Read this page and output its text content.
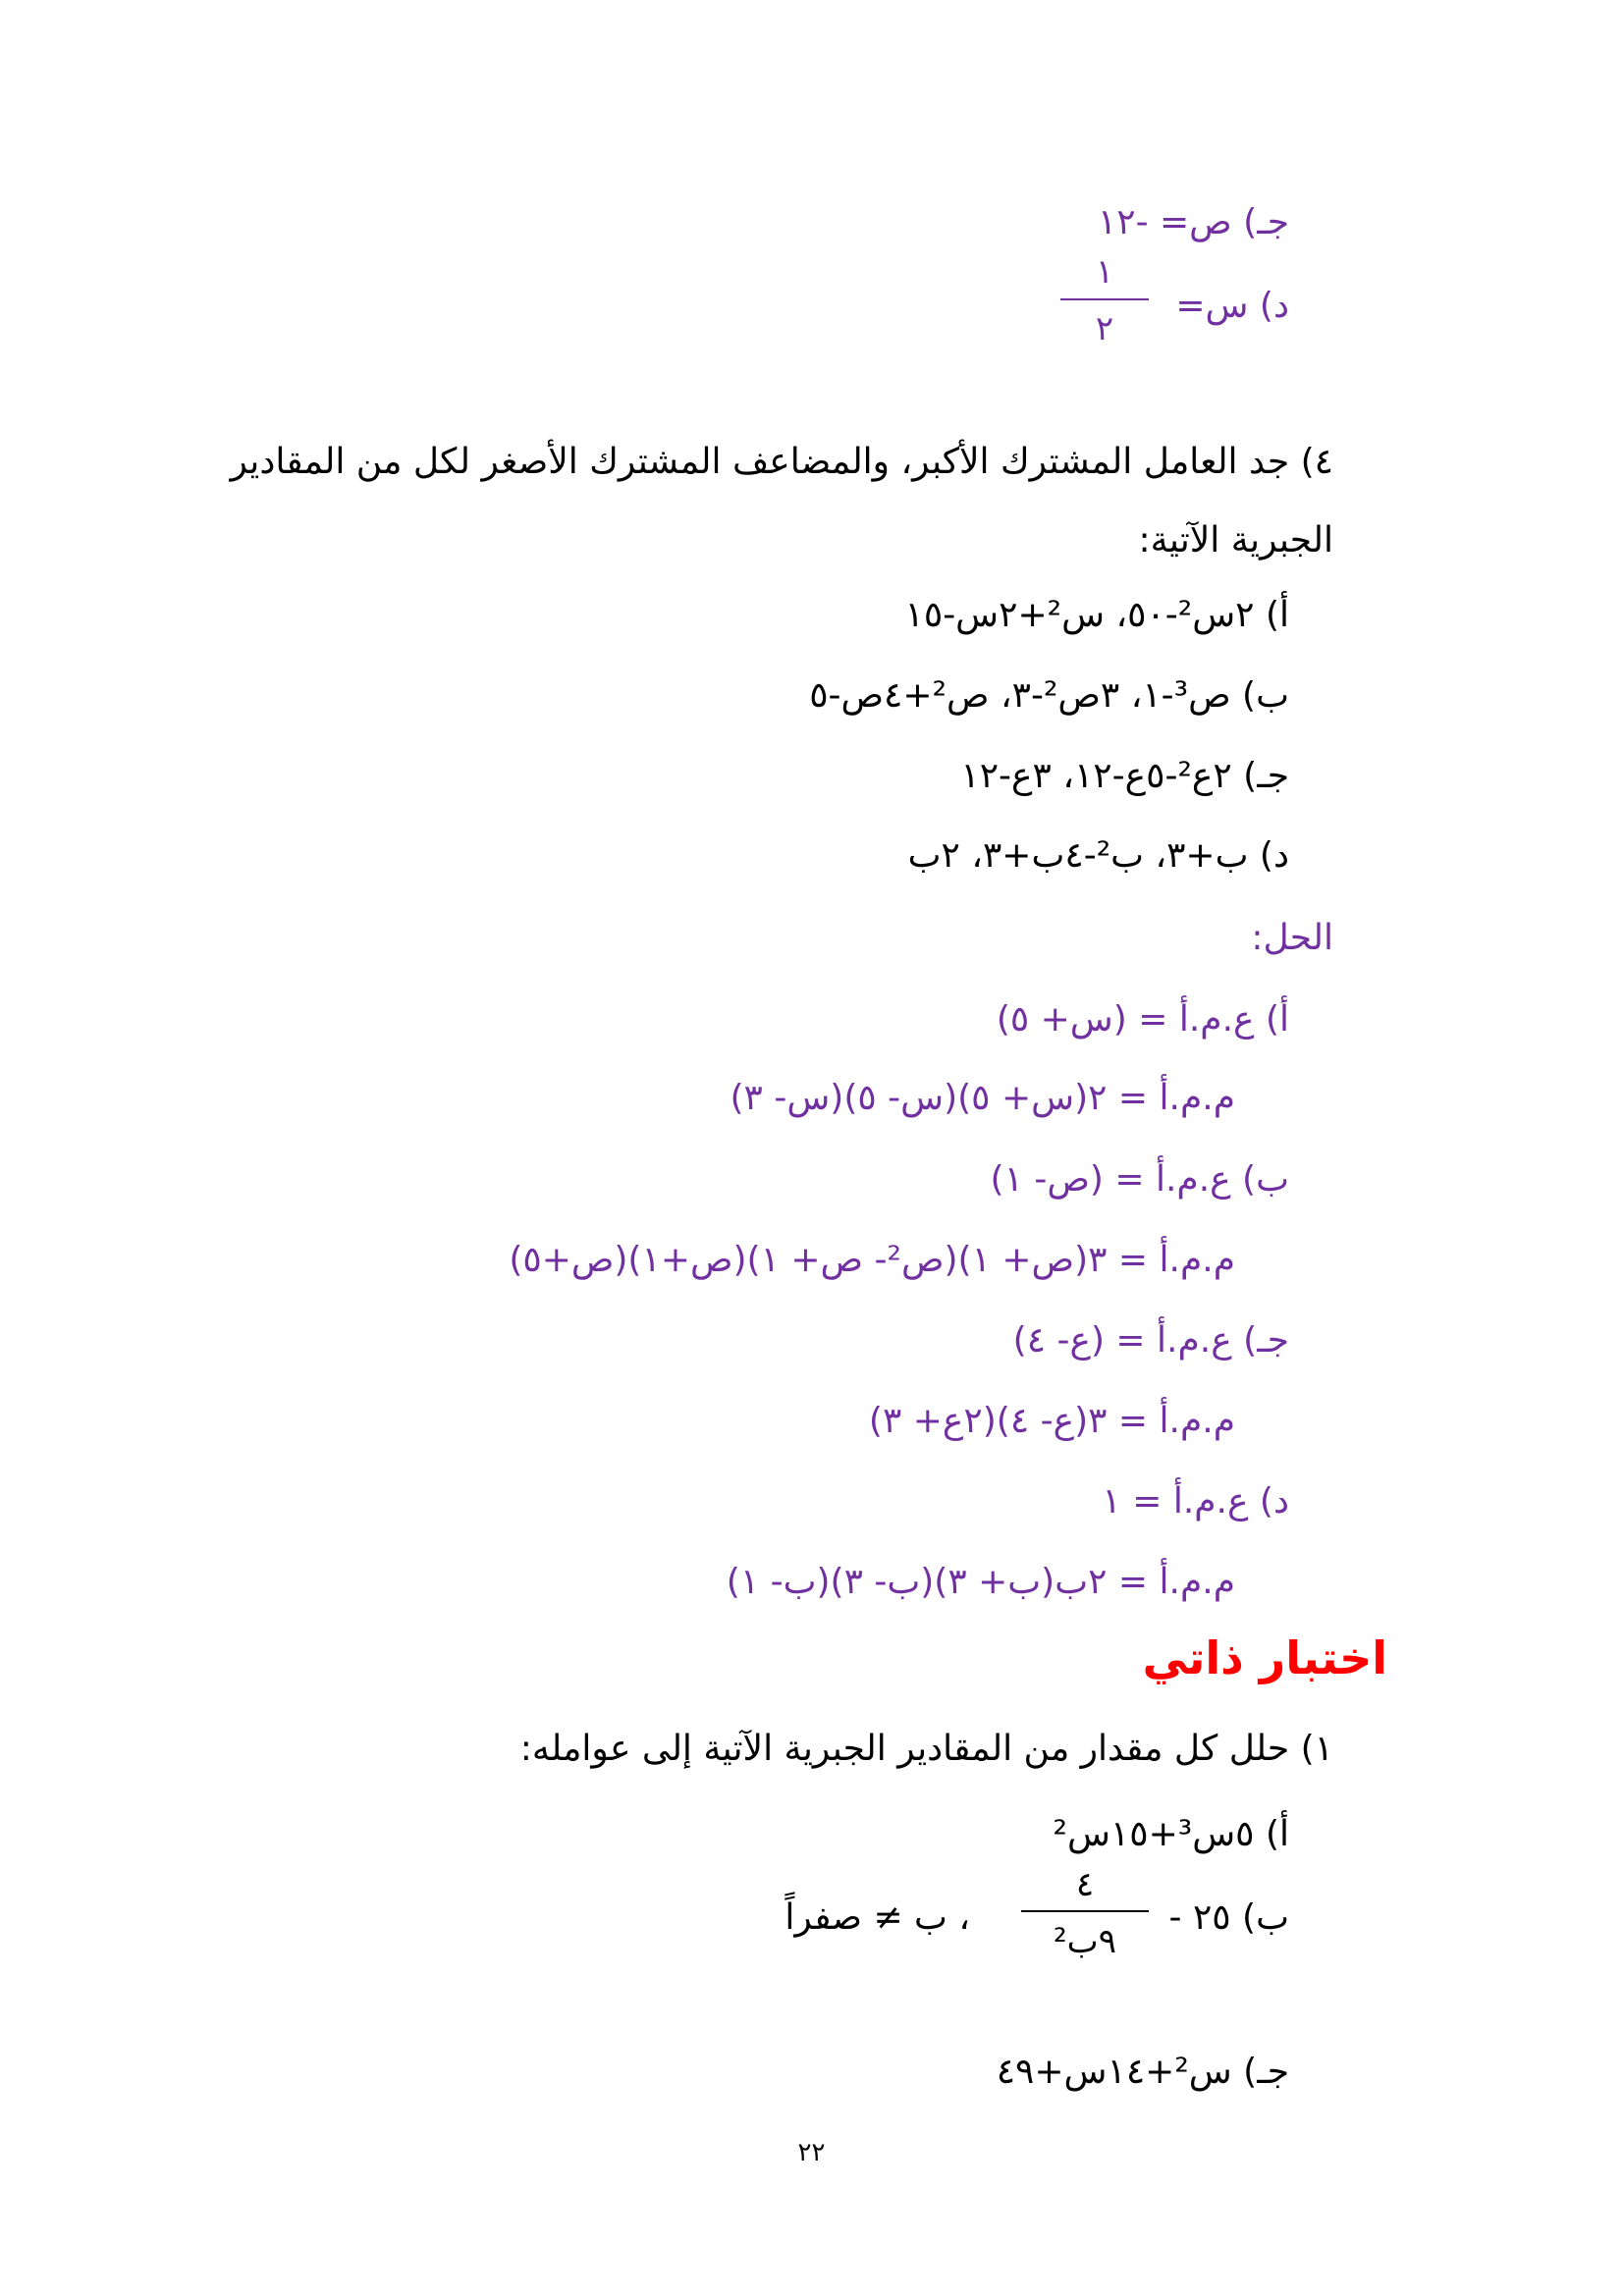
جـ) ص= -١٢
د) س=
١
٢
٤) جد العامل المشترك الأكبر، والمضاعف المشترك الأصغر لكل من المقادير
الجبرية الآتية:
أ) ٢س²-٥٠، س²+٢س-١٥
ب) ص³-١، ٣ص²-٣، ص²+٤ص-٥
جـ) ٢ع²-٥ع-١٢، ٣ع-١٢
د) ب+٣، ب²-٤ب+٣، ٢ب
الحل:
أ) ع.م.أ = (س+ ٥)
م.م.أ = ٢(س+ ٥)(س- ٥)(س- ٣)
ب) ع.م.أ = (ص- ١)
م.م.أ = ٣(ص+ ١)(ص²- ص+ ١)(ص+١)(ص+٥)
جـ) ع.م.أ = (ع- ٤)
م.م.أ = ٣(ع- ٤)(٢ع+ ٣)
د) ع.م.أ = ١
م.م.أ = ٢ب(ب+ ٣)(ب- ٣)(ب- ١)
اختبار ذاتي
١) حلل كل مقدار من المقادير الجبرية الآتية إلى عوامله:
أ) ٥س³+١٥س²
ب) ٢٥ -
٤
٩ب²
، ب ≠ صفراً
جـ) س²+١٤س+٤٩
٢٢
